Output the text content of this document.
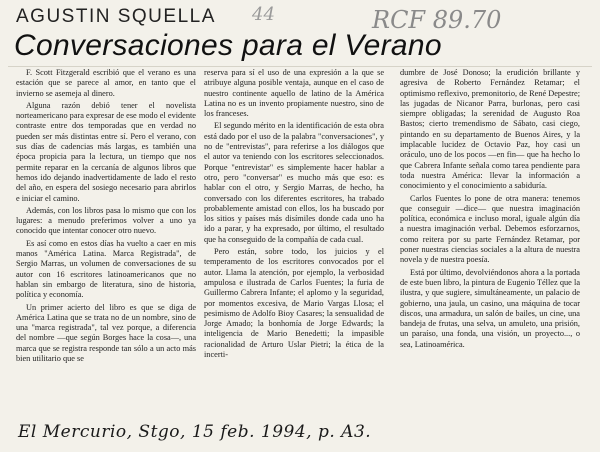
AGUSTIN SQUELLA
Conversaciones para el Verano
44	RCF 89.70

F. Scott Fitzgerald escribió que el verano es una estación que se parece al amor, en tanto que el invierno se asemeja al dinero.

Alguna razón debió tener el novelista norteamericano para expresar de ese modo el evidente contraste entre dos temporadas que en verdad no pueden ser más distintas entre sí. Pero el verano, con sus días de cadencias más largas, es también una época propicia para la lectura, un tiempo que nos permite reparar en la cercanía de algunos libros que hemos ido dejando inadvertidamente de lado el resto del año, en espera del sosiego necesario para abrirlos e iniciar el camino.

Además, con los libros pasa lo mismo que con los lugares: a menudo preferimos volver a uno ya conocido que intentar conocer otro nuevo.

Es así como en estos días ha vuelto a caer en mis manos "América Latina. Marca Registrada", de Sergio Marras, un volumen de conversaciones de su autor con 16 escritores latinoamericanos que no hablan sin embargo de literatura, sino de historia, política y economía.

Un primer acierto del libro es que se diga de América Latina que se trata no de un nombre, sino de una "marca registrada", tal vez porque, a diferencia del nombre —que según Borges hace la cosa—, una marca que se registra responde tan sólo a un acto más bien utilitario que se

reserva para sí el uso de una expresión a la que se atribuye alguna posible ventaja, aunque en el caso de nuestro continente aquello de latino de la América Latina no es un invento propiamente nuestro, sino de los franceses.

El segundo mérito en la identificación de esta obra está dado por el uso de la palabra "conversaciones", y no de "entrevistas", para referirse a los diálogos que el autor va teniendo con los escritores seleccionados. Porque "entrevistar" es simplemente hacer hablar a otro, pero "conversar" es mucho más que eso: es hablar con el otro, y Sergio Marras, de hecho, ha conversado con los diferentes escritores, ha trabado probablemente amistad con ellos, los ha buscado por los sitios y países más disímiles donde cada uno ha ido a parar, y ha expresado, por último, el resultado que ha conseguido de la compañía de cada cual.

Pero están, sobre todo, los juicios y el temperamento de los escritores convocados por el autor. Llama la atención, por ejemplo, la verbosidad ampulosa e ilustrada de Carlos Fuentes; la furia de Guillermo Cabrera Infante; el aplomo y la seguridad, por momentos excesiva, de Mario Vargas Llosa; el pesimismo de Adolfo Bioy Casares; la sensualidad de Jorge Amado; la bonhomía de Jorge Edwards; la inteligencia de Mario Benedetti; la impasible racionalidad de Arturo Uslar Pietri; la ética de la incerti-

dumbre de José Donoso; la erudición brillante y agresiva de Roberto Fernández Retamar; el optimismo reflexivo, premonitorio, de René Depestre; las jugadas de Nicanor Parra, burlonas, pero casi siempre obligadas; la serenidad de Augusto Roa Bastos; cierto tremendismo de Sábato, casi ciego, pintando en su departamento de Buenos Aires, y la implacable lucidez de Octavio Paz, hoy casi un oráculo, uno de los pocos —en fin— que ha hecho lo que Cabrera Infante señala como tarea pendiente para toda nuestra América: llevar la información a conocimiento y el conocimiento a sabiduría.

Carlos Fuentes lo pone de otra manera: tenemos que conseguir —dice— que nuestra imaginación política, económica e incluso moral, iguale algún día a nuestra imaginación verbal. Debemos esforzarnos, como reitera por su parte Fernández Retamar, por poner nuestras ciencias sociales a la altura de nuestra novela y de nuestra poesía.

Está por último, devolviéndonos ahora a la portada de este buen libro, la pintura de Eugenio Téllez que la ilustra, y que sugiere, simultáneamente, un palacio de gobierno, una jaula, un casino, una máquina de tocar discos, una armadura, un salón de bailes, un cine, una bandeja de frutas, una selva, un amuleto, una prisión, un paraíso, una fonda, una visión, un proyecto..., o sea, Latinoamérica.

El Mercurio, Stgo, 15 feb. 1994, p. A3.
